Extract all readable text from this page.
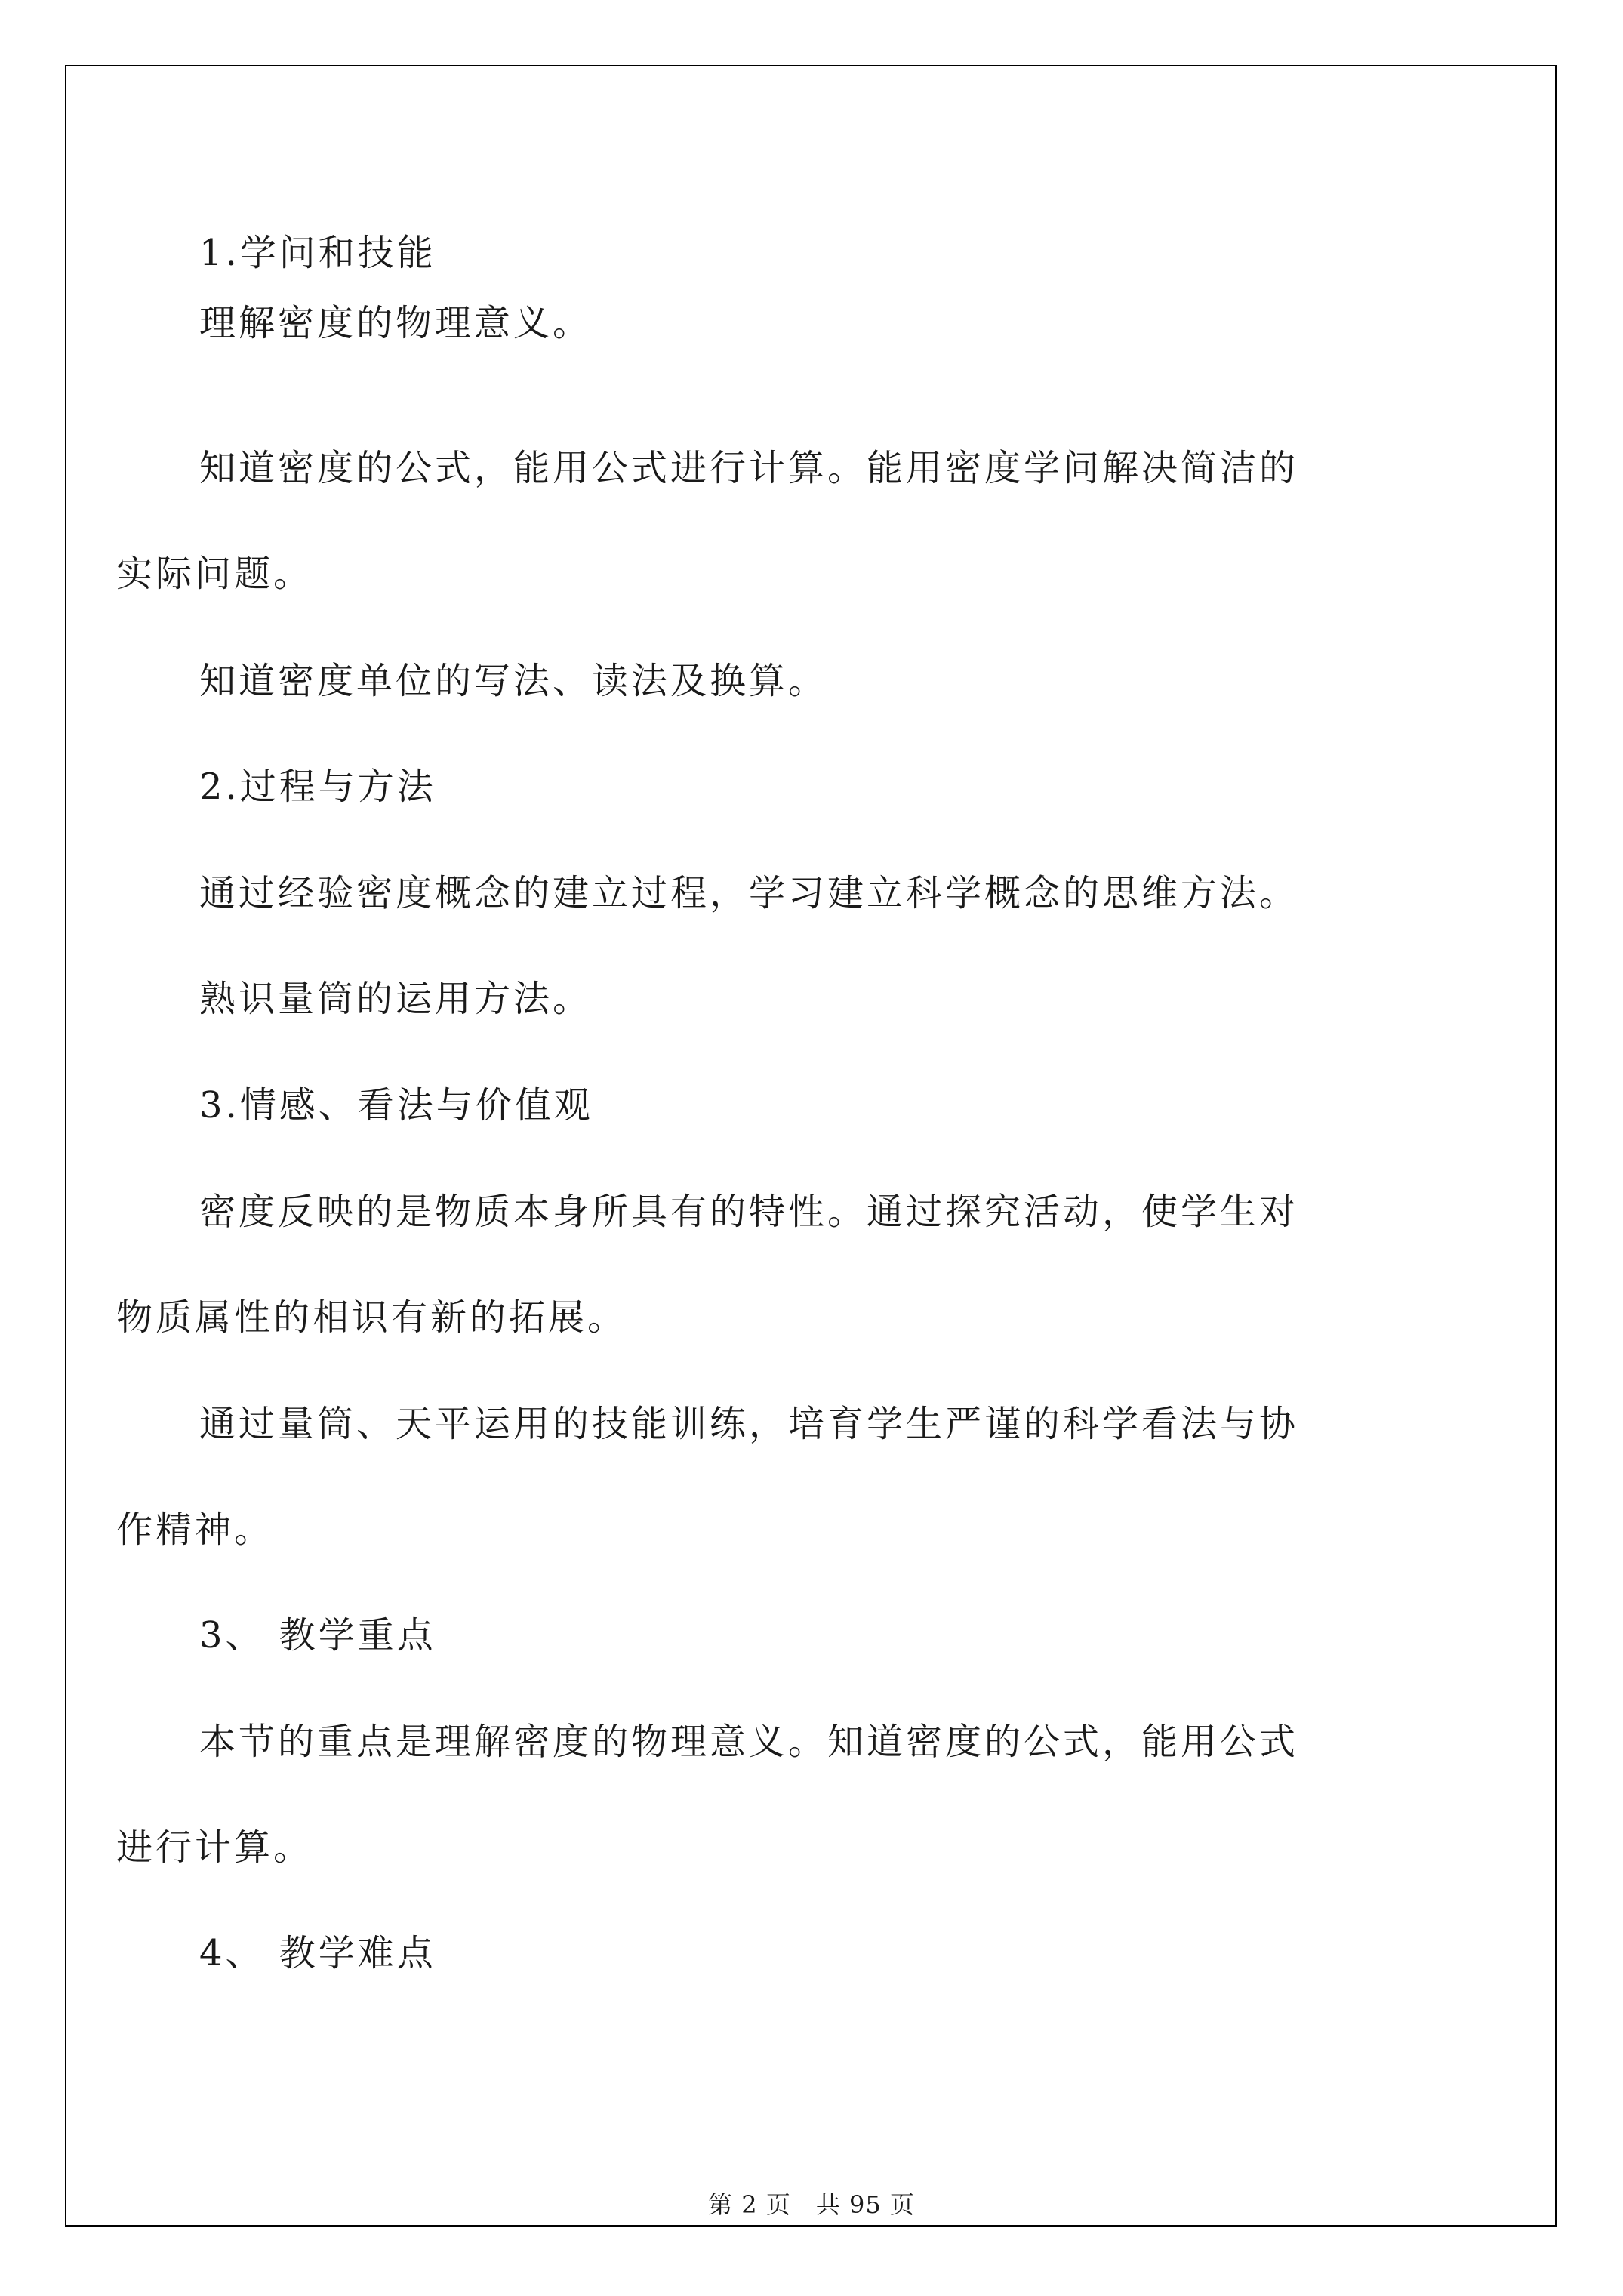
1.学问和技能
理解密度的物理意义。
知道密度的公式，能用公式进行计算。能用密度学问解决简洁的
实际问题。
知道密度单位的写法、读法及换算。
2.过程与方法
通过经验密度概念的建立过程，学习建立科学概念的思维方法。
熟识量筒的运用方法。
3.情感、看法与价值观
密度反映的是物质本身所具有的特性。通过探究活动，使学生对
物质属性的相识有新的拓展。
通过量筒、天平运用的技能训练，培育学生严谨的科学看法与协
作精神。
3、 教学重点
本节的重点是理解密度的物理意义。知道密度的公式，能用公式
进行计算。
4、 教学难点
第 2 页　共 95 页
